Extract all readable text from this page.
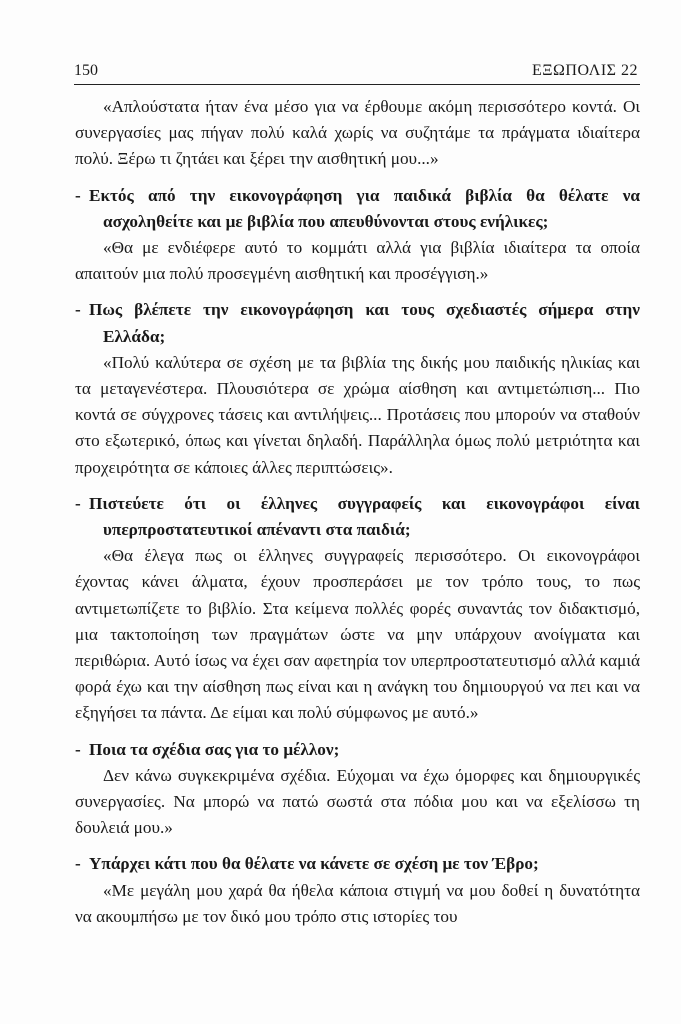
150	ΕΞΩΠΟΛΙΣ 22

«Απλούστατα ήταν ένα μέσο για να έρθουμε ακόμη περισσότερο κοντά. Οι συνεργασίες μας πήγαν πολύ καλά χωρίς να συζητάμε τα πράγματα ιδιαίτερα πολύ. Ξέρω τι ζητάει και ξέρει την αισθητική μου...»

- Εκτός από την εικονογράφηση για παιδικά βιβλία θα θέλατε να ασχοληθείτε και με βιβλία που απευθύνονται στους ενήλικες;

«Θα με ενδιέφερε αυτό το κομμάτι αλλά για βιβλία ιδιαίτερα τα οποία απαιτούν μια πολύ προσεγμένη αισθητική και προσέγγιση.»

- Πως βλέπετε την εικονογράφηση και τους σχεδιαστές σήμερα στην Ελλάδα;

«Πολύ καλύτερα σε σχέση με τα βιβλία της δικής μου παιδικής ηλικίας και τα μεταγενέστερα. Πλουσιότερα σε χρώμα αίσθηση και αντιμετώπιση... Πιο κοντά σε σύγχρονες τάσεις και αντιλήψεις... Προτάσεις που μπορούν να σταθούν στο εξωτερικό, όπως και γίνεται δηλαδή. Παράλληλα όμως πολύ μετριότητα και προχειρότητα σε κάποιες άλλες περιπτώσεις».

- Πιστεύετε ότι οι έλληνες συγγραφείς και εικονογράφοι είναι υπερπροστατευτικοί απέναντι στα παιδιά;

«Θα έλεγα πως οι έλληνες συγγραφείς περισσότερο. Οι εικονογράφοι έχοντας κάνει άλματα, έχουν προσπεράσει με τον τρόπο τους, το πως αντιμετωπίζετε το βιβλίο. Στα κείμενα πολλές φορές συναντάς τον διδακτισμό, μια τακτοποίηση των πραγμάτων ώστε να μην υπάρχουν ανοίγματα και περιθώρια. Αυτό ίσως να έχει σαν αφετηρία τον υπερπροστατευτισμό αλλά καμιά φορά έχω και την αίσθηση πως είναι και η ανάγκη του δημιουργού να πει και να εξηγήσει τα πάντα. Δε είμαι και πολύ σύμφωνος με αυτό.»

- Ποια τα σχέδια σας για το μέλλον;

Δεν κάνω συγκεκριμένα σχέδια. Εύχομαι να έχω όμορφες και δημιουργικές συνεργασίες. Να μπορώ να πατώ σωστά στα πόδια μου και να εξελίσσω τη δουλειά μου.»

- Υπάρχει κάτι που θα θέλατε να κάνετε σε σχέση με τον Έβρο;

«Με μεγάλη μου χαρά θα ήθελα κάποια στιγμή να μου δοθεί η δυνατότητα να ακουμπήσω με τον δικό μου τρόπο στις ιστορίες του
